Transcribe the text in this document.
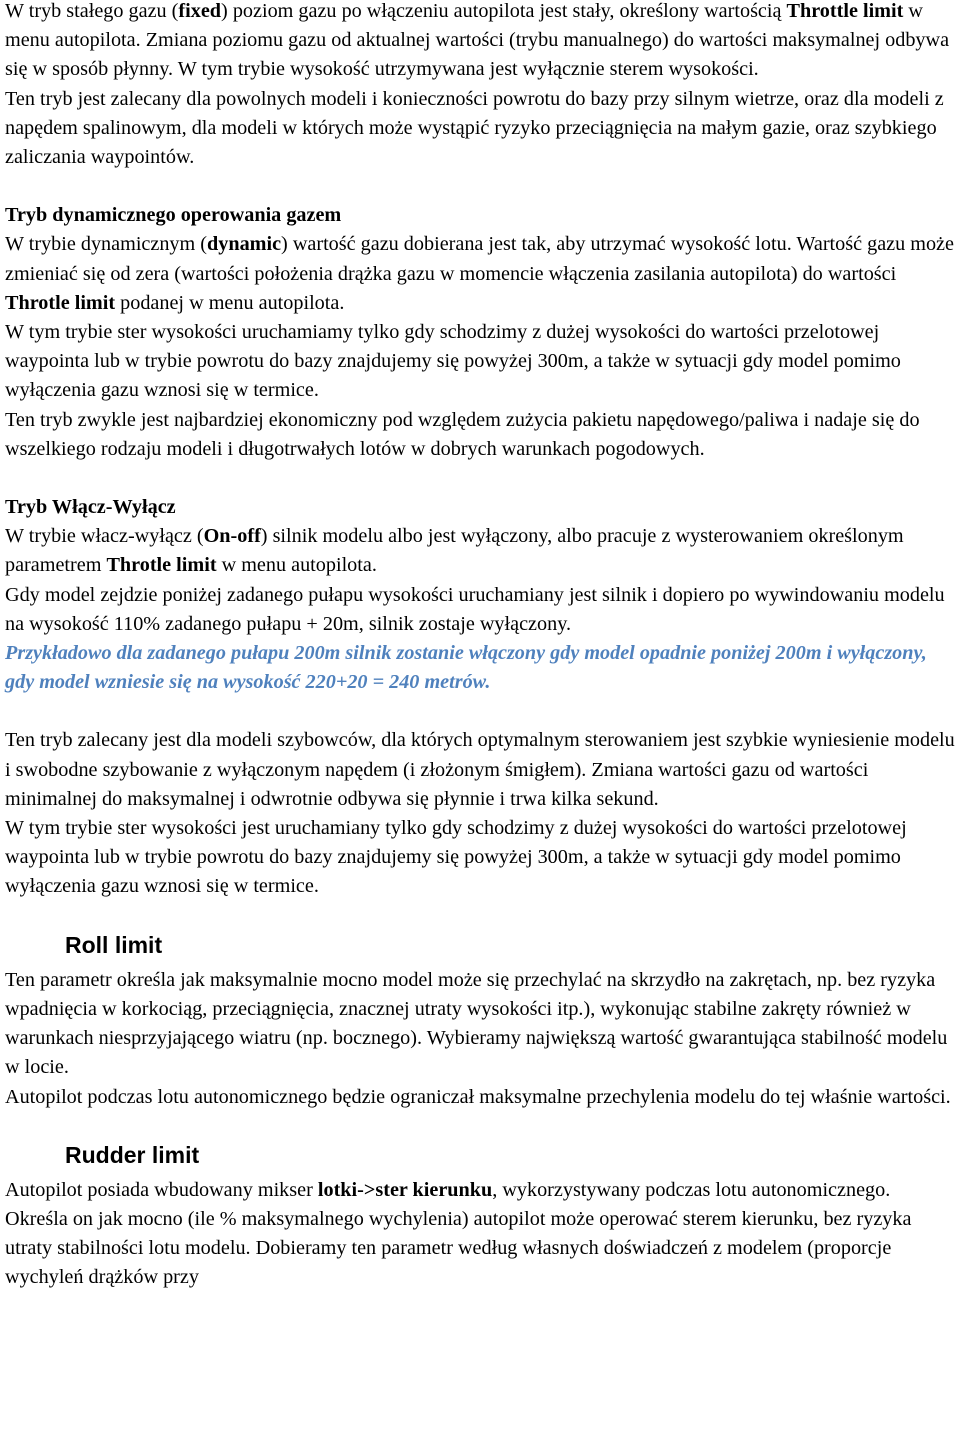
W tryb stałego gazu (fixed) poziom gazu po włączeniu autopilota jest stały, określony wartością Throttle limit w menu autopilota. Zmiana poziomu gazu od aktualnej wartości (trybu manualnego) do wartości maksymalnej odbywa się w sposób płynny. W tym trybie wysokość utrzymywana jest wyłącznie sterem wysokości.

Ten tryb jest zalecany dla powolnych modeli i konieczności powrotu do bazy przy silnym wietrze, oraz dla modeli z napędem spalinowym, dla modeli w których może wystąpić ryzyko przeciągnięcia na małym gazie, oraz szybkiego zaliczania waypointów.

Tryb dynamicznego operowania gazem

W trybie dynamicznym (dynamic) wartość gazu dobierana jest tak, aby utrzymać wysokość lotu. Wartość gazu może zmieniać się od zera (wartości położenia drążka gazu w momencie włączenia zasilania autopilota) do wartości Throtle limit podanej w menu autopilota.

W tym trybie ster wysokości uruchamiamy tylko gdy schodzimy z dużej wysokości do wartości przelotowej waypointa lub w trybie powrotu do bazy znajdujemy się powyżej 300m, a także w sytuacji gdy model pomimo wyłączenia gazu wznosi się w termice.

Ten tryb zwykle jest najbardziej ekonomiczny pod względem zużycia pakietu napędowego/paliwa i nadaje się do wszelkiego rodzaju modeli i długotrwałych lotów w dobrych warunkach pogodowych.

Tryb Włącz-Wyłącz

W trybie włacz-wyłącz (On-off) silnik modelu albo jest wyłączony, albo pracuje z wysterowaniem określonym parametrem Throtle limit w menu autopilota.

Gdy model zejdzie poniżej zadanego pułapu wysokości uruchamiany jest silnik i dopiero po wywindowaniu modelu na wysokość 110% zadanego pułapu + 20m, silnik zostaje wyłączony.

Przykładowo dla zadanego pułapu 200m silnik zostanie włączony gdy model opadnie poniżej 200m i wyłączony, gdy model wzniesie się na wysokość 220+20 = 240 metrów.

Ten tryb zalecany jest dla modeli szybowców, dla których optymalnym sterowaniem jest szybkie wyniesienie modelu i swobodne szybowanie z wyłączonym napędem (i złożonym śmigłem). Zmiana wartości gazu od wartości minimalnej do maksymalnej i odwrotnie odbywa się płynnie i trwa kilka sekund.

W tym trybie ster wysokości jest uruchamiany tylko gdy schodzimy z dużej wysokości do wartości przelotowej waypointa lub w trybie powrotu do bazy znajdujemy się powyżej 300m, a także w sytuacji gdy model pomimo wyłączenia gazu wznosi się w termice.

Roll limit

Ten parametr określa jak maksymalnie mocno model może się przechylać na skrzydło na zakrętach, np. bez ryzyka wpadnięcia w korkociąg, przeciągnięcia, znacznej utraty wysokości itp.), wykonując stabilne zakręty również w warunkach niesprzyjającego wiatru (np. bocznego). Wybieramy największą wartość gwarantująca stabilność modelu w locie.

Autopilot podczas lotu autonomicznego będzie ograniczał maksymalne przechylenia modelu do tej właśnie wartości.

Rudder limit

Autopilot posiada wbudowany mikser lotki->ster kierunku, wykorzystywany podczas lotu autonomicznego. Określa on jak mocno (ile % maksymalnego wychylenia) autopilot może operować sterem kierunku, bez ryzyka utraty stabilności lotu modelu. Dobieramy ten parametr według własnych doświadczeń z modelem (proporcje wychyleń drążków przy
